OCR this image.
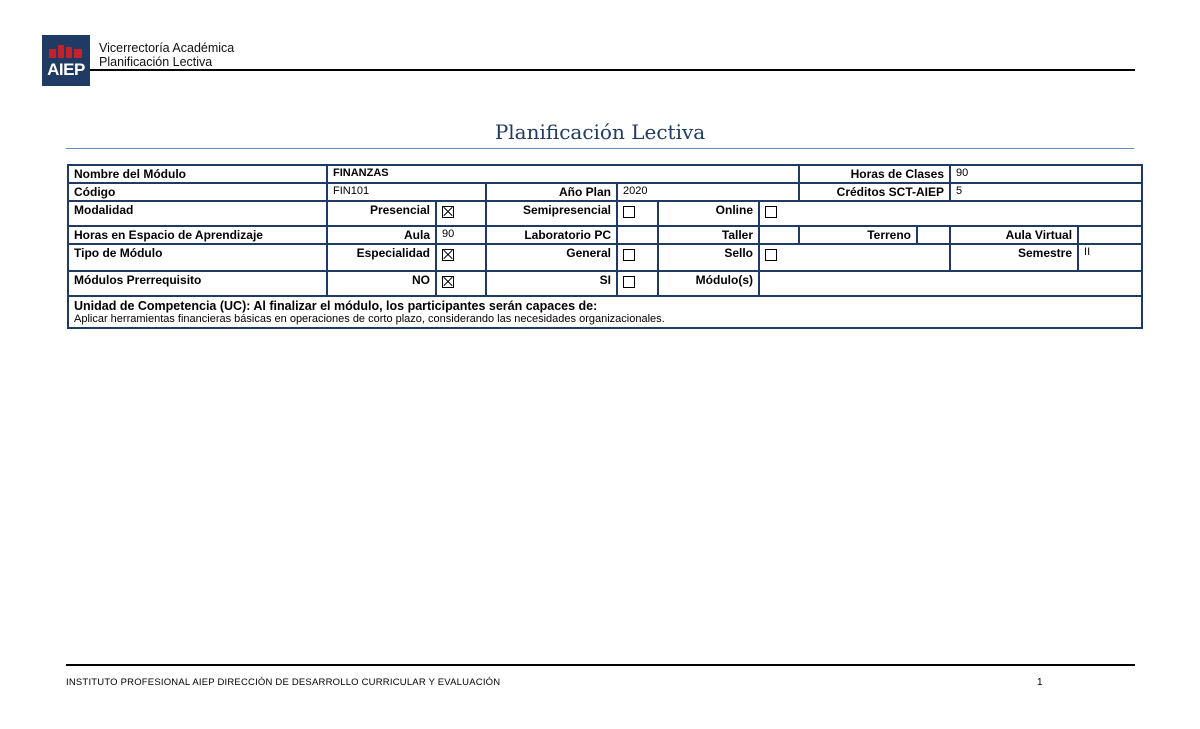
AIEP
Vicerrectoría Académica
Planificación Lectiva
Planificación Lectiva
Nombre del Módulo	FINANZAS						Horas de Clases		90	
Código	FIN101		Año Plan	2020			Créditos SCT-AIEP		5	
Modalidad	Presencial		Semipresencial		Online					
Horas en Espacio de Aprendizaje	Aula	90	Laboratorio PC		Taller		Terreno		Aula Virtual	
Tipo de Módulo	Especialidad		General		Sello				Semestre	II
Módulos Prerrequisito	NO		SI		Módulo(s)					

Unidad de Competencia (UC): Al finalizar el módulo, los participantes serán capaces de:
Aplicar herramientas financieras básicas en operaciones de corto plazo, considerando las necesidades organizacionales.										
INSTITUTO PROFESIONAL AIEP DIRECCIÓN DE DESARROLLO CURRICULAR Y EVALUACIÓN	1
